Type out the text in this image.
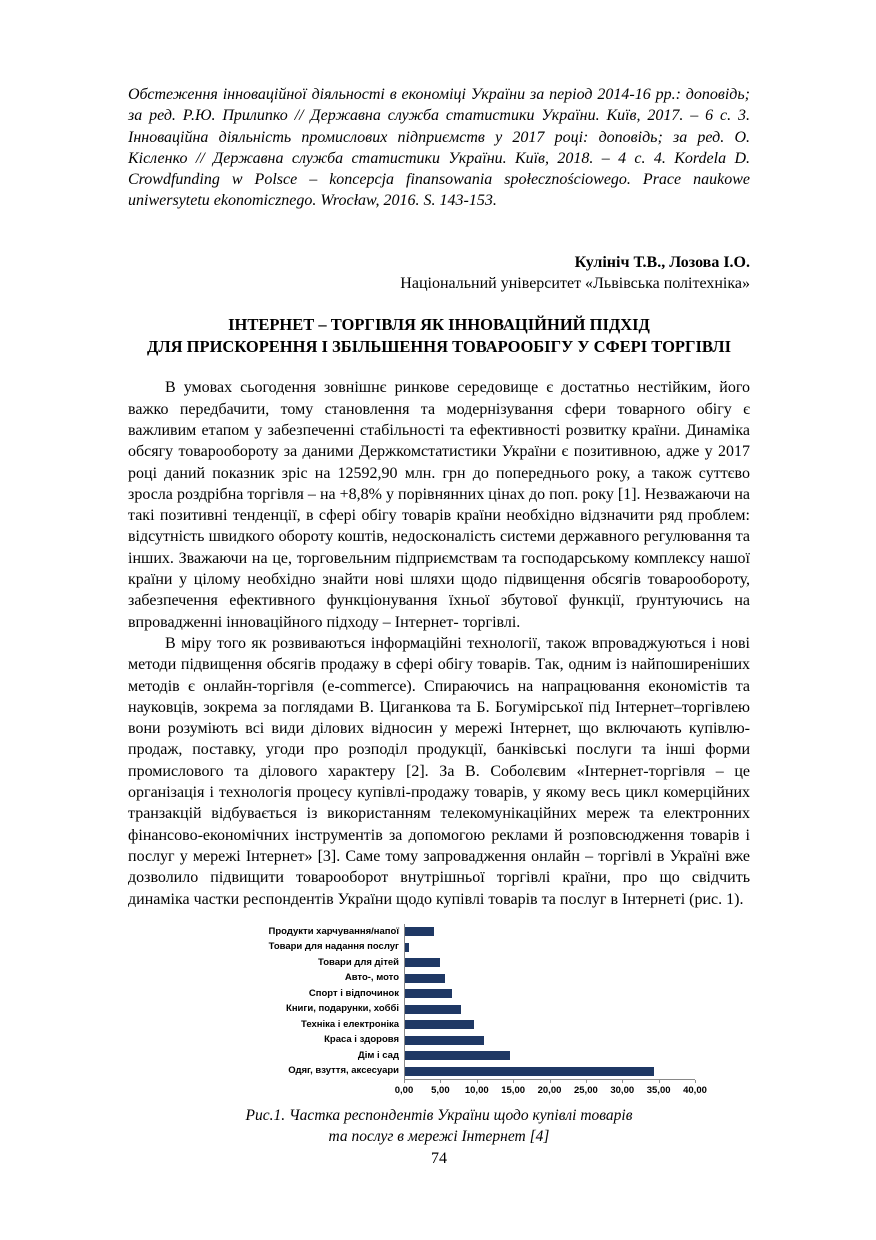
Обстеження інноваційної діяльності в економіці України за період 2014-16 рр.: доповідь; за ред. Р.Ю. Прилипко // Державна служба статистики України. Київ, 2017. – 6 с. 3. Інноваційна діяльність промислових підприємств у 2017 році: доповідь; за ред. О. Кісленко // Державна служба статистики України. Київ, 2018. – 4 с. 4. Kordela D. Crowdfunding w Polsce – koncepcja finansowania społecznościowego. Prace naukowe uniwersytetu ekonomicznego. Wrocław, 2016. S. 143-153.

Кулініч Т.В., Лозова І.О.
Національний університет «Львівська політехніка»
ІНТЕРНЕТ – ТОРГІВЛЯ ЯК ІННОВАЦІЙНИЙ ПІДХІД
ДЛЯ ПРИСКОРЕННЯ І ЗБІЛЬШЕННЯ ТОВАРООБІГУ У СФЕРІ ТОРГІВЛІ

В умовах сьогодення зовнішнє ринкове середовище є достатньо нестійким, його важко передбачити, тому становлення та модернізування сфери товарного обігу є важливим етапом у забезпеченні стабільності та ефективності розвитку країни. Динаміка обсягу товарообороту за даними Держкомстатистики України є позитивною, адже у 2017 році даний показник зріс на 12592,90 млн. грн до попереднього року, а також суттєво зросла роздрібна торгівля – на +8,8% у порівнянних цінах до поп. року [1]. Незважаючи на такі позитивні тенденції, в сфері обігу товарів країни необхідно відзначити ряд проблем: відсутність швидкого обороту коштів, недосконалість системи державного регулювання та інших. Зважаючи на це, торговельним підприємствам та господарському комплексу нашої країни у цілому необхідно знайти нові шляхи щодо підвищення обсягів товарообороту, забезпечення ефективного функціонування їхньої збутової функції, ґрунтуючись на впровадженні інноваційного підходу – Інтернет- торгівлі.

В міру того як розвиваються інформаційні технології, також впроваджуються і нові методи підвищення обсягів продажу в сфері обігу товарів. Так, одним із найпоширеніших методів є онлайн-торгівля (e-commerce). Спираючись на напрацювання економістів та науковців, зокрема за поглядами В. Циганкова та Б. Богумірської під Інтернет–торгівлею вони розуміють всі види ділових відносин у мережі Інтернет, що включають купівлю-продаж, поставку, угоди про розподіл продукції, банківські послуги та інші форми промислового та ділового характеру [2]. За В. Соболєвим «Інтернет-торгівля – це організація і технологія процесу купівлі-продажу товарів, у якому весь цикл комерційних транзакцій відбувається із використанням телекомунікаційних мереж та електронних фінансово-економічних інструментів за допомогою реклами й розповсюдження товарів і послуг у мережі Інтернет» [3]. Саме тому запровадження онлайн – торгівлі в Україні вже дозволило підвищити товарооборот внутрішньої торгівлі країни, про що свідчить динаміка частки респондентів України щодо купівлі товарів та послуг в Інтернеті (рис. 1).

Продукти харчування/напої
Товари для надання послуг
Товари для дітей
Авто-, мото
Спорт і відпочинок
Книги, подарунки, хоббі
Техніка і електроніка
Краса і здоровя
Дім і сад
Одяг, взуття, аксесуари
0,00 5,00 10,00 15,00 20,00 25,00 30,00 35,00 40,00
Рис.1. Частка респондентів України щодо купівлі товарів
та послуг в мережі Інтернет [4]
74
